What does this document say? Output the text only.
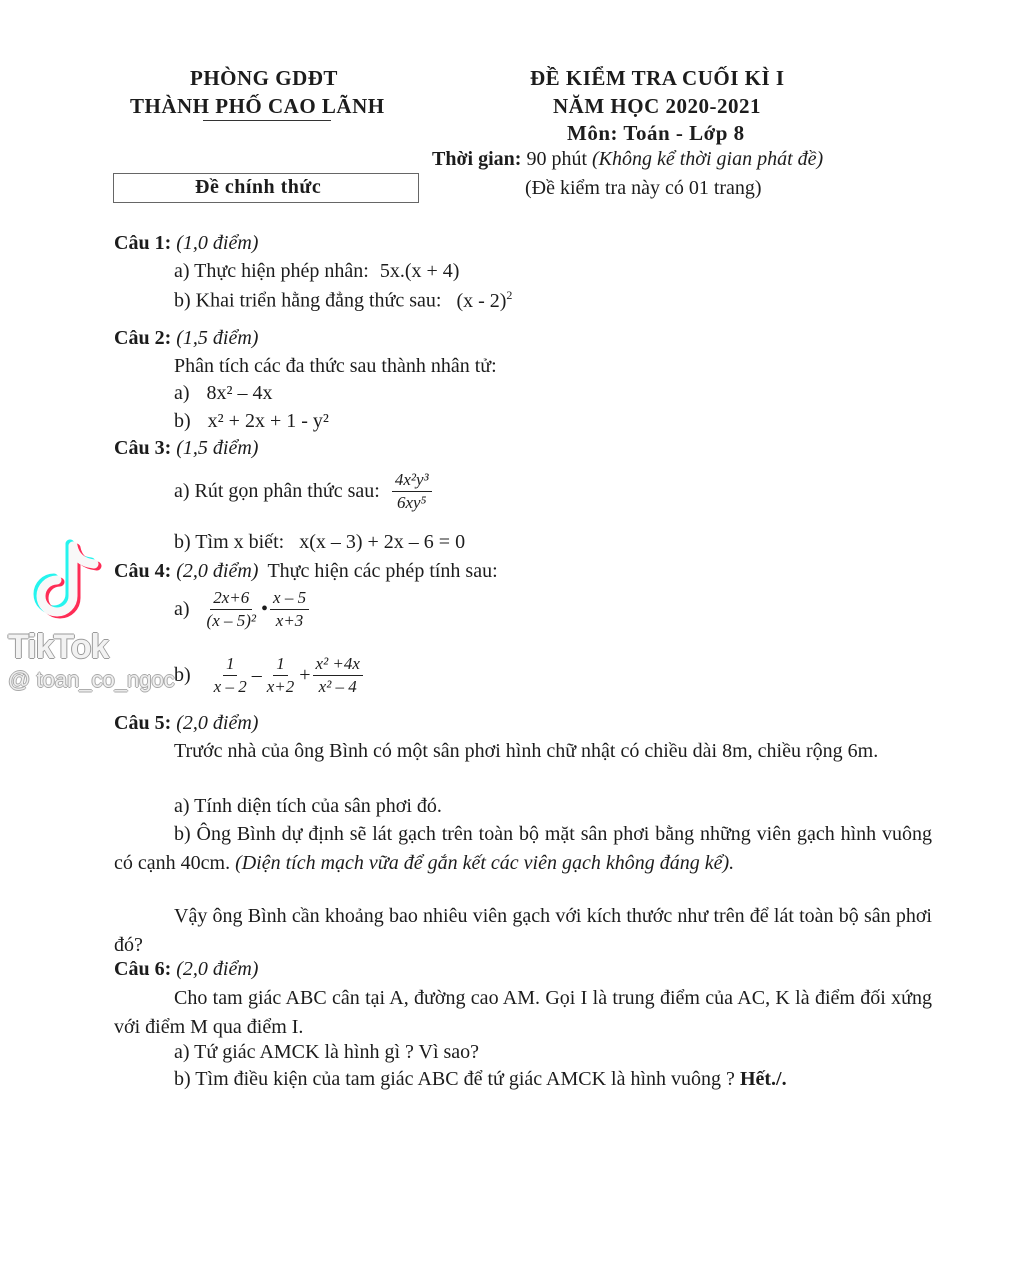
PHÒNG GDĐT
THÀNH PHỐ CAO LÃNH
Đề chính thức
ĐỀ KIỂM TRA CUỐI KÌ I
NĂM HỌC 2020-2021
Môn: Toán - Lớp 8
Thời gian: 90 phút (Không kể thời gian phát đề)
(Đề kiểm tra này có 01 trang)
Câu 1: (1,0 điểm)
a) Thực hiện phép nhân: 5x.(x + 4)
b) Khai triển hằng đẳng thức sau: (x - 2)$^2$
Câu 2: (1,5 điểm)
Phân tích các đa thức sau thành nhân tử:
a) 8x² – 4x
b) x² + 2x + 1 - y²
Câu 3: (1,5 điểm)
a) Rút gọn phân thức sau: $\frac{\text{4x²y³}}{\text{6xy⁵}}$
b) Tìm x biết: x(x – 3) + 2x – 6 = 0
Câu 4: (2,0 điểm) Thực hiện các phép tính sau:
$a) \frac{2x+6}{\text{(x – 5)²}}$ • $\frac{x - 5}{x+3}$
$b) \frac{1}{x - 2} - \frac{1}{x+2} + \frac{\text{x² +4x}}{\text{x² – 4}}$
Câu 5: (2,0 điểm)
Trước nhà của ông Bình có một sân phơi hình chữ nhật có chiều dài 8m, chiều rộng 6m.
a) Tính diện tích của sân phơi đó.
b) Ông Bình dự định sẽ lát gạch trên toàn bộ mặt sân phơi bằng những viên gạch hình vuông có cạnh 40cm. (Diện tích mạch vữa để gắn kết các viên gạch không đáng kể).
Vậy ông Bình cần khoảng bao nhiêu viên gạch với kích thước như trên để lát toàn bộ sân phơi đó?
Câu 6: (2,0 điểm)
Cho tam giác ABC cân tại A, đường cao AM. Gọi I là trung điểm của AC, K là điểm đối xứng với điểm M qua điểm I.
a) Tứ giác AMCK là hình gì ? Vì sao?
b) Tìm điều kiện của tam giác ABC để tứ giác AMCK là hình vuông ? Hết./.
TikTok
@ toan_co_ngoc
